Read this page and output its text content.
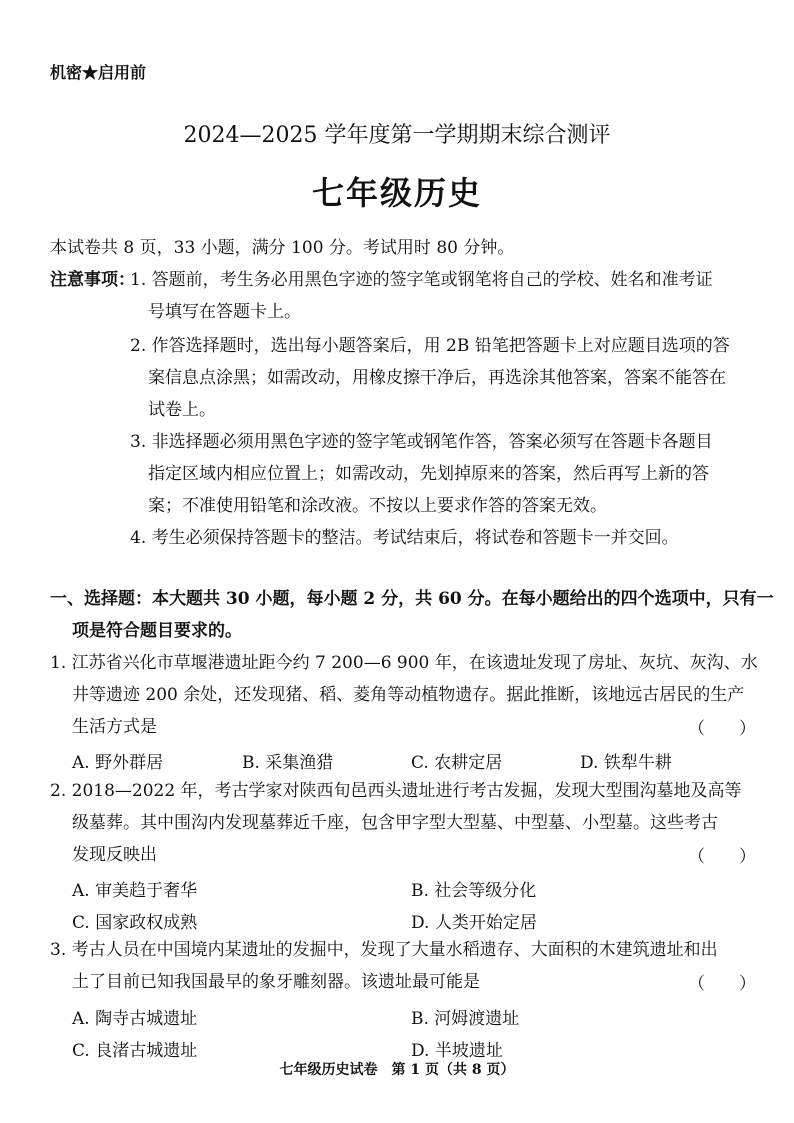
机密★启用前
2024—2025 学年度第一学期期末综合测评
七年级历史
本试卷共 8 页，33 小题，满分 100 分。考试用时 80 分钟。
注意事项：
1. 答题前，考生务必用黑色字迹的签字笔或钢笔将自己的学校、姓名和准考证
号填写在答题卡上。
2. 作答选择题时，选出每小题答案后，用 2B 铅笔把答题卡上对应题目选项的答
案信息点涂黑；如需改动，用橡皮擦干净后，再选涂其他答案，答案不能答在
试卷上。
3. 非选择题必须用黑色字迹的签字笔或钢笔作答，答案必须写在答题卡各题目
指定区域内相应位置上；如需改动，先划掉原来的答案，然后再写上新的答
案；不准使用铅笔和涂改液。不按以上要求作答的答案无效。
4. 考生必须保持答题卡的整洁。考试结束后，将试卷和答题卡一并交回。
一、选择题：本大题共 30 小题，每小题 2 分，共 60 分。在每小题给出的四个选项中，只有一
项是符合题目要求的。
1. 江苏省兴化市草堰港遗址距今约 7 200—6 900 年，在该遗址发现了房址、灰坑、灰沟、水
井等遗迹 200 余处，还发现猪、稻、菱角等动植物遗存。据此推断，该地远古居民的生产
生活方式是	（　　）
A. 野外群居	B. 采集渔猎	C. 农耕定居	D. 铁犁牛耕
2. 2018—2022 年，考古学家对陕西旬邑西头遗址进行考古发掘，发现大型围沟墓地及高等
级墓葬。其中围沟内发现墓葬近千座，包含甲字型大型墓、中型墓、小型墓。这些考古
发现反映出	（　　）
A. 审美趋于奢华	B. 社会等级分化
C. 国家政权成熟	D. 人类开始定居
3. 考古人员在中国境内某遗址的发掘中，发现了大量水稻遗存、大面积的木建筑遗址和出
土了目前已知我国最早的象牙雕刻器。该遗址最可能是	（　　）
A. 陶寺古城遗址	B. 河姆渡遗址
C. 良渚古城遗址	D. 半坡遗址
七年级历史试卷　第 1 页（共 8 页）
